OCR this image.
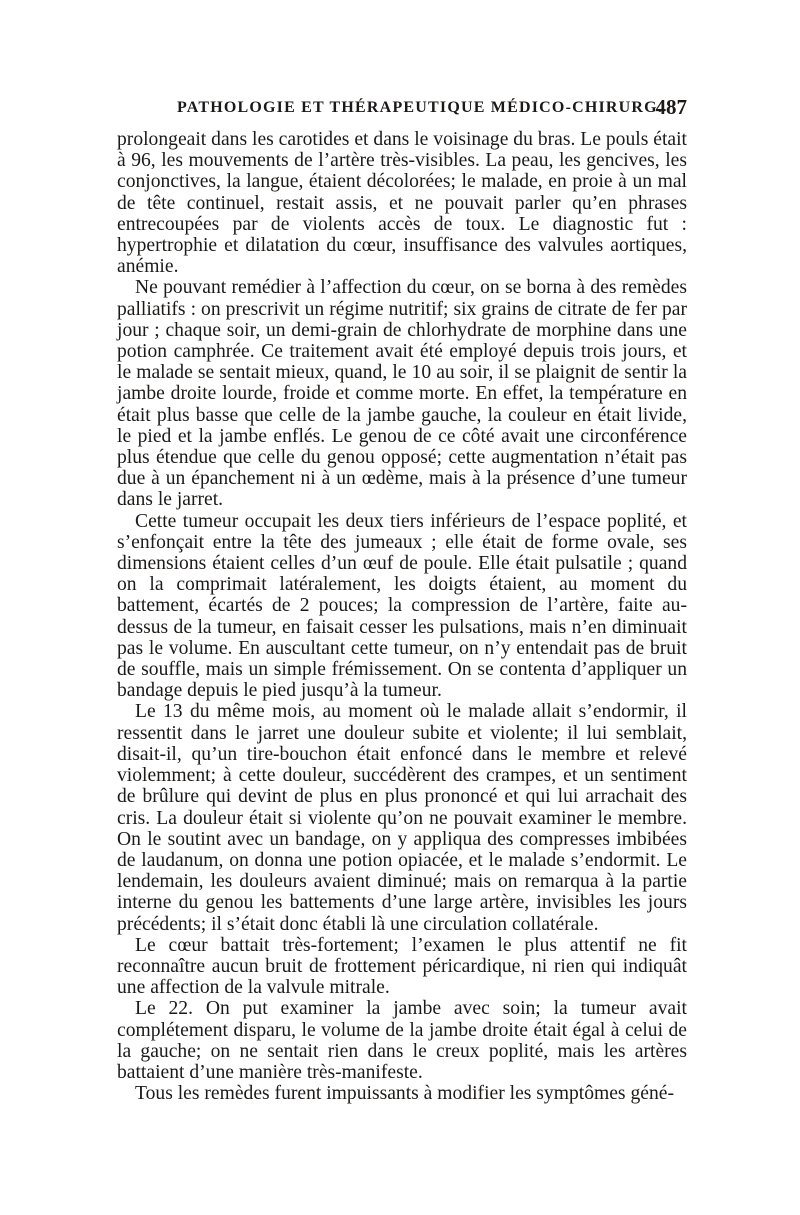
PATHOLOGIE ET THÉRAPEUTIQUE MÉDICO-CHIRURG.
487

prolongeait dans les carotides et dans le voisinage du bras. Le pouls était à 96, les mouvements de l’artère très-visibles. La peau, les gencives, les conjonctives, la langue, étaient décolorées; le malade, en proie à un mal de tête continuel, restait assis, et ne pouvait parler qu’en phrases entrecoupées par de violents accès de toux. Le diagnostic fut : hypertrophie et dilatation du cœur, insuffisance des valvules aortiques, anémie.

Ne pouvant remédier à l’affection du cœur, on se borna à des remèdes palliatifs : on prescrivit un régime nutritif; six grains de citrate de fer par jour ; chaque soir, un demi-grain de chlorhydrate de morphine dans une potion camphrée. Ce traitement avait été employé depuis trois jours, et le malade se sentait mieux, quand, le 10 au soir, il se plaignit de sentir la jambe droite lourde, froide et comme morte. En effet, la température en était plus basse que celle de la jambe gauche, la couleur en était livide, le pied et la jambe enflés. Le genou de ce côté avait une circonférence plus étendue que celle du genou opposé; cette augmentation n’était pas due à un épanchement ni à un œdème, mais à la présence d’une tumeur dans le jarret.

Cette tumeur occupait les deux tiers inférieurs de l’espace poplité, et s’enfonçait entre la tête des jumeaux ; elle était de forme ovale, ses dimensions étaient celles d’un œuf de poule. Elle était pulsatile ; quand on la comprimait latéralement, les doigts étaient, au moment du battement, écartés de 2 pouces; la compression de l’artère, faite au-dessus de la tumeur, en faisait cesser les pulsations, mais n’en diminuait pas le volume. En auscultant cette tumeur, on n’y entendait pas de bruit de souffle, mais un simple frémissement. On se contenta d’appliquer un bandage depuis le pied jusqu’à la tumeur.

Le 13 du même mois, au moment où le malade allait s’endormir, il ressentit dans le jarret une douleur subite et violente; il lui semblait, disait-il, qu’un tire-bouchon était enfoncé dans le membre et relevé violemment; à cette douleur, succédèrent des crampes, et un sentiment de brûlure qui devint de plus en plus prononcé et qui lui arrachait des cris. La douleur était si violente qu’on ne pouvait examiner le membre. On le soutint avec un bandage, on y appliqua des compresses imbibées de laudanum, on donna une potion opiacée, et le malade s’endormit. Le lendemain, les douleurs avaient diminué; mais on remarqua à la partie interne du genou les battements d’une large artère, invisibles les jours précédents; il s’était donc établi là une circulation collatérale.

Le cœur battait très-fortement; l’examen le plus attentif ne fit reconnaître aucun bruit de frottement péricardique, ni rien qui indiquât une affection de la valvule mitrale.

Le 22. On put examiner la jambe avec soin; la tumeur avait complétement disparu, le volume de la jambe droite était égal à celui de la gauche; on ne sentait rien dans le creux poplité, mais les artères battaient d’une manière très-manifeste.

Tous les remèdes furent impuissants à modifier les symptômes géné-
